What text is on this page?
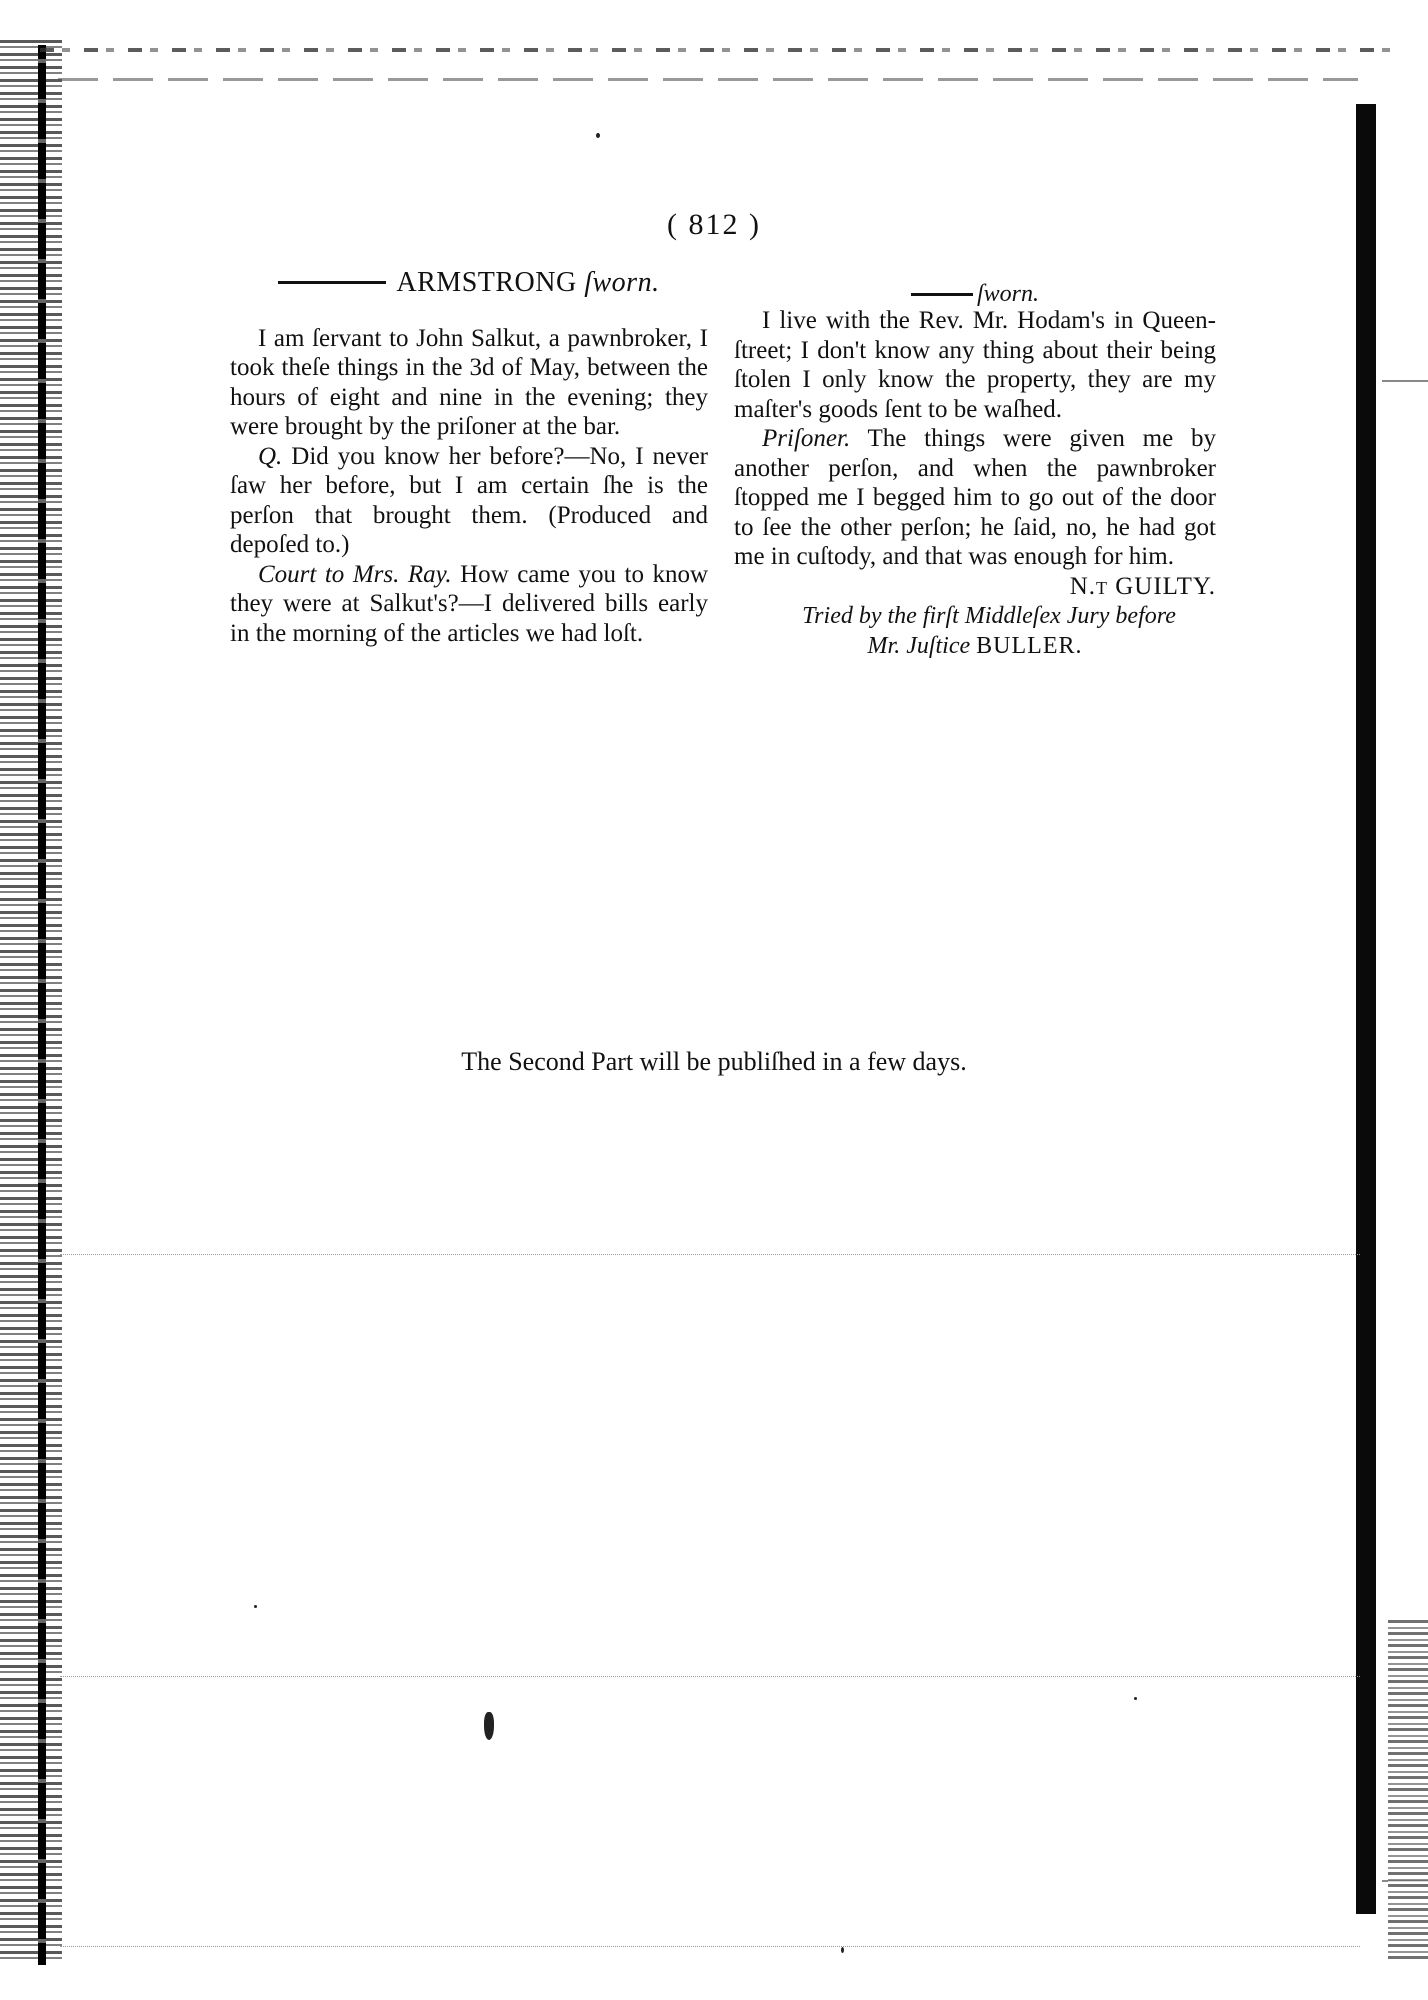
( 812 )
ARMSTRONG ſworn.

I am ſervant to John Salkut, a pawnbroker, I took theſe things in the 3d of May, between the hours of eight and nine in the evening; they were brought by the priſoner at the bar.

Q. Did you know her before?—No, I never ſaw her before, but I am certain ſhe is the perſon that brought them. (Produced and depoſed to.)

Court to Mrs. Ray. How came you to know they were at Salkut's?—I delivered bills early in the morning of the articles we had loſt.

ſworn.

I live with the Rev. Mr. Hodam's in Queen-ſtreet; I don't know any thing about their being ſtolen I only know the property, they are my maſter's goods ſent to be waſhed.

Priſoner. The things were given me by another perſon, and when the pawnbroker ſtopped me I begged him to go out of the door to ſee the other perſon; he ſaid, no, he had got me in cuſtody, and that was enough for him.

N.t GUILTY.

Tried by the firſt Middleſex Jury before
Mr. Juſtice BULLER.

The Second Part will be publiſhed in a few days.
